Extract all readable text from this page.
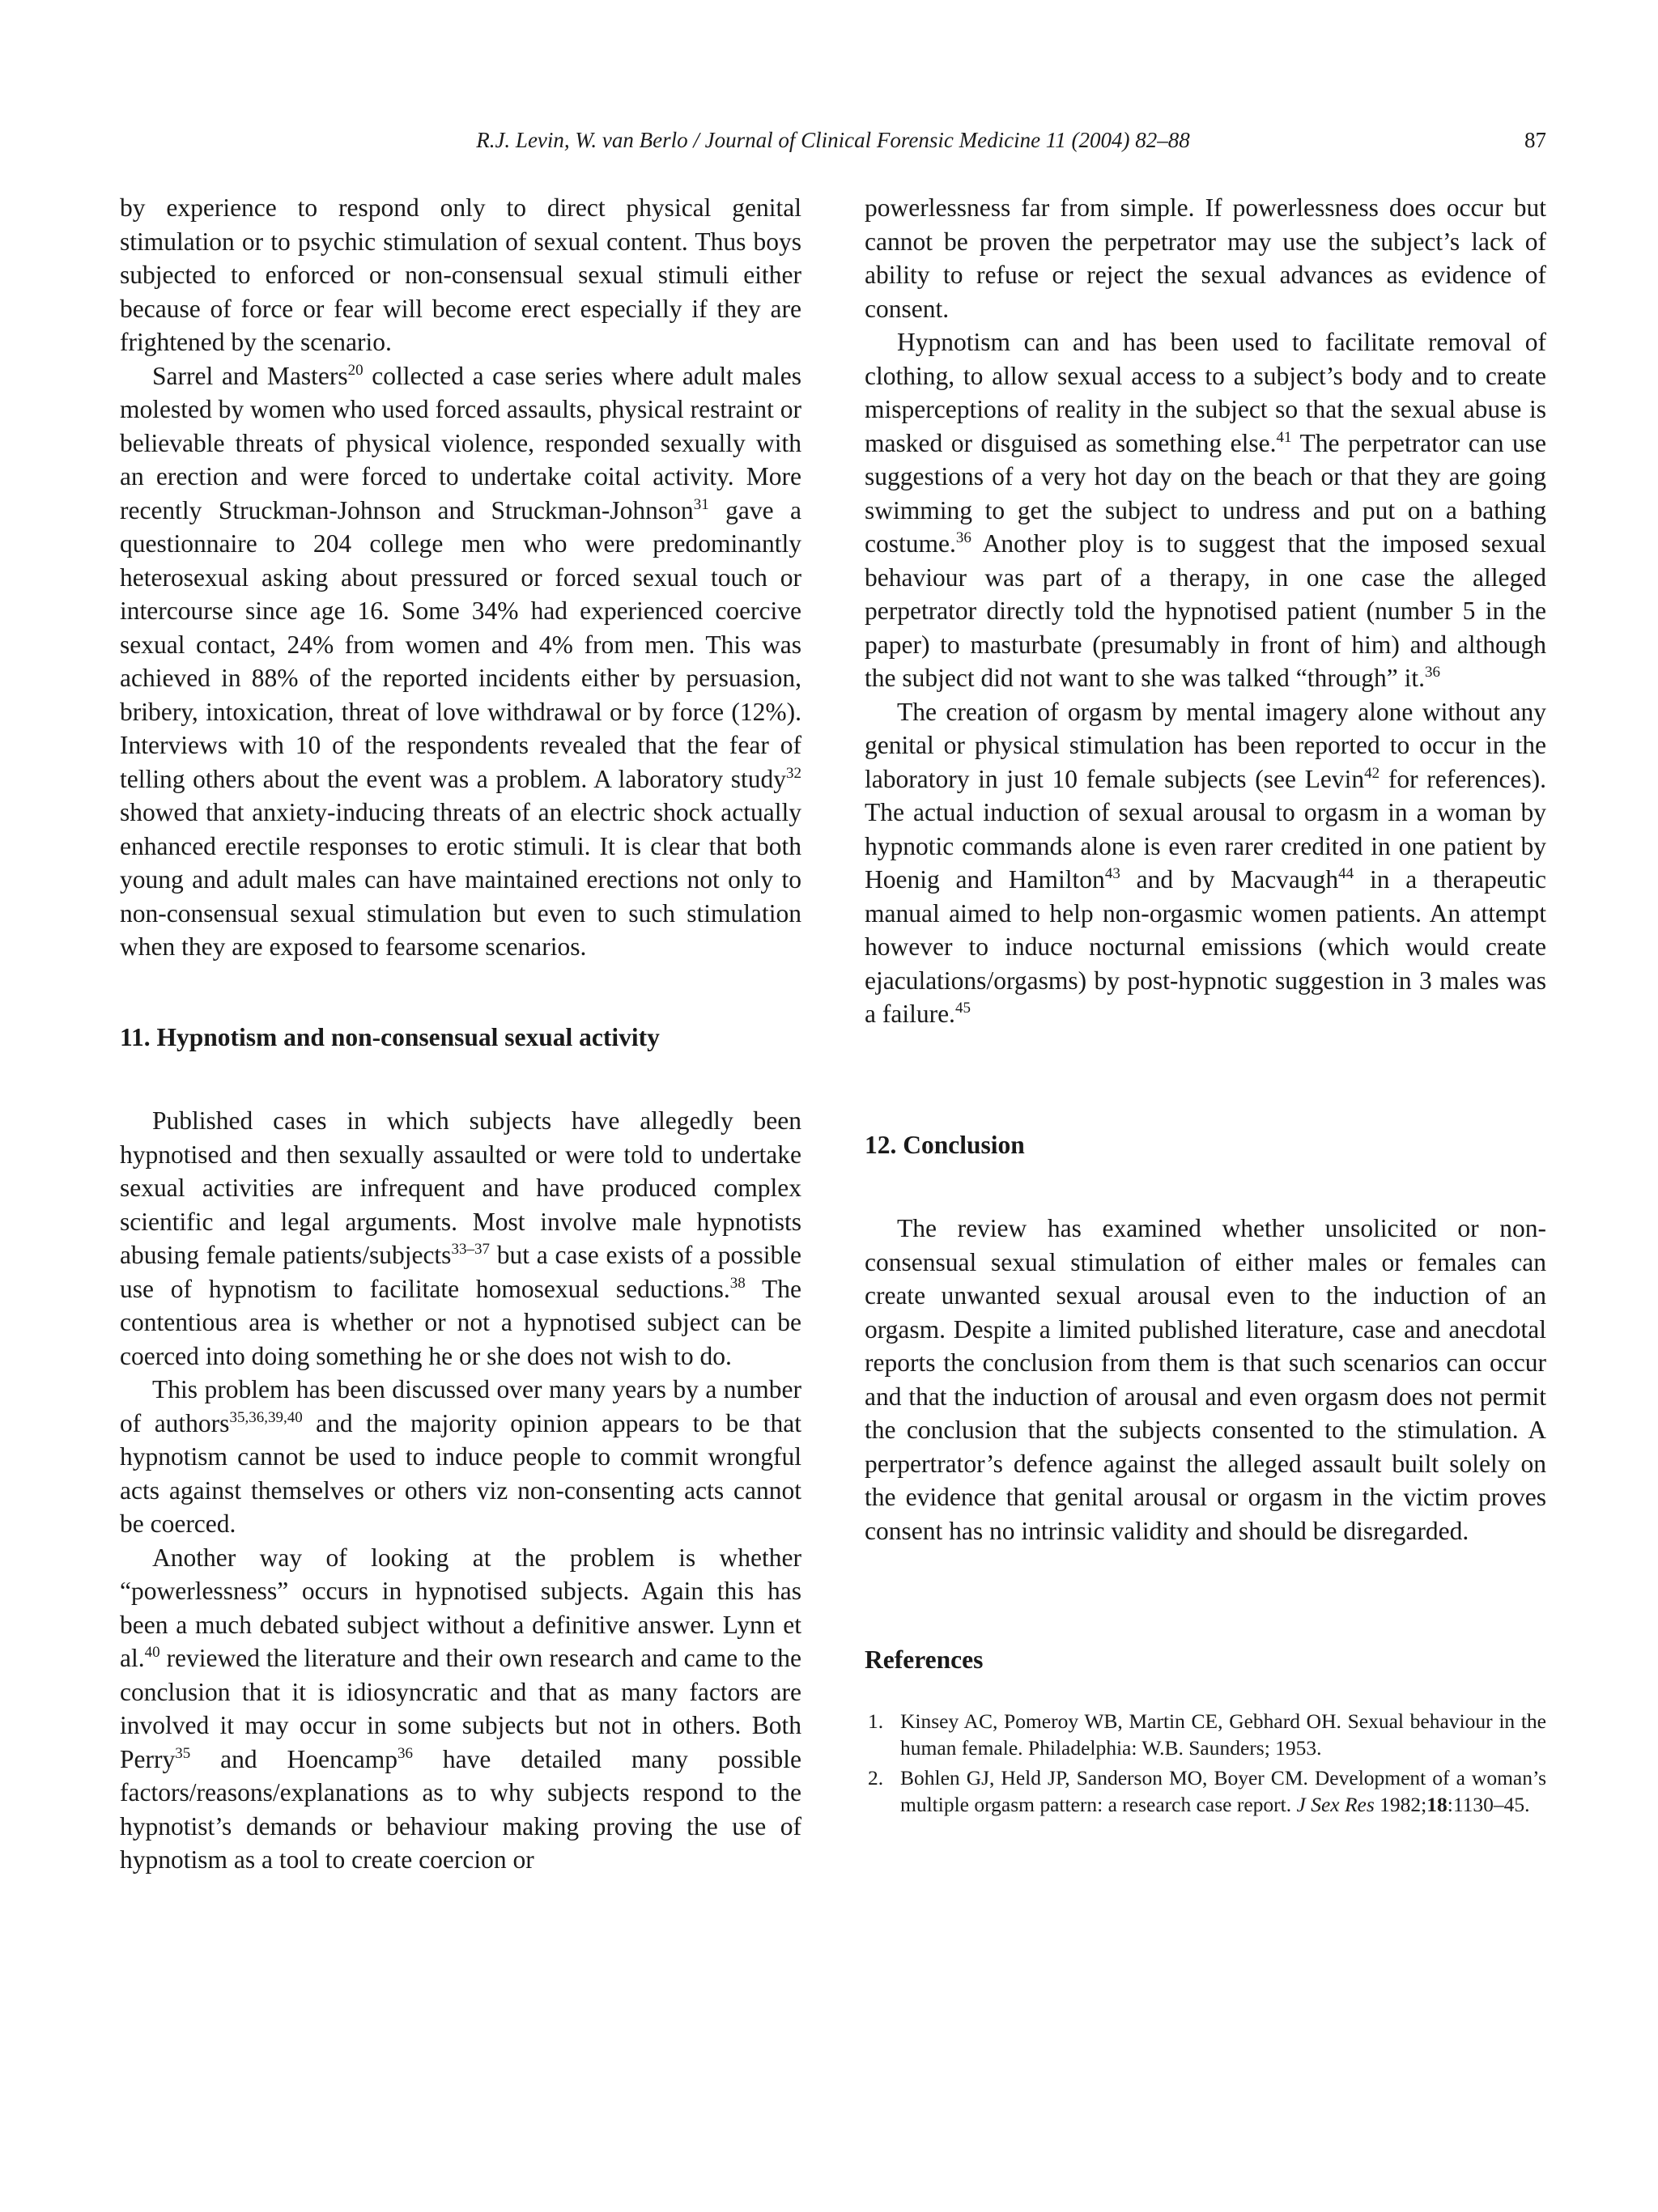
R.J. Levin, W. van Berlo / Journal of Clinical Forensic Medicine 11 (2004) 82–88	87

by experience to respond only to direct physical genital stimulation or to psychic stimulation of sexual content. Thus boys subjected to enforced or non-consensual sexual stimuli either because of force or fear will become erect especially if they are frightened by the scenario.

Sarrel and Masters$^{20}$ collected a case series where adult males molested by women who used forced assaults, physical restraint or believable threats of physical violence, responded sexually with an erection and were forced to undertake coital activity. More recently Struckman-Johnson and Struckman-Johnson$^{31}$ gave a questionnaire to 204 college men who were predominantly heterosexual asking about pressured or forced sexual touch or intercourse since age 16. Some 34% had experienced coercive sexual contact, 24% from women and 4% from men. This was achieved in 88% of the reported incidents either by persuasion, bribery, intoxication, threat of love withdrawal or by force (12%). Interviews with 10 of the respondents revealed that the fear of telling others about the event was a problem. A laboratory study$^{32}$ showed that anxiety-inducing threats of an electric shock actually enhanced erectile responses to erotic stimuli. It is clear that both young and adult males can have maintained erections not only to non-consensual sexual stimulation but even to such stimulation when they are exposed to fearsome scenarios.

11. Hypnotism and non-consensual sexual activity

Published cases in which subjects have allegedly been hypnotised and then sexually assaulted or were told to undertake sexual activities are infrequent and have produced complex scientific and legal arguments. Most involve male hypnotists abusing female patients/subjects$^{33-37}$ but a case exists of a possible use of hypnotism to facilitate homosexual seductions.$^{38}$ The contentious area is whether or not a hypnotised subject can be coerced into doing something he or she does not wish to do.

This problem has been discussed over many years by a number of authors$^{35,36,39,40}$ and the majority opinion appears to be that hypnotism cannot be used to induce people to commit wrongful acts against themselves or others viz non-consenting acts cannot be coerced.

Another way of looking at the problem is whether “powerlessness” occurs in hypnotised subjects. Again this has been a much debated subject without a definitive answer. Lynn et al.$^{40}$ reviewed the literature and their own research and came to the conclusion that it is idiosyncratic and that as many factors are involved it may occur in some subjects but not in others. Both Perry$^{35}$ and Hoencamp$^{36}$ have detailed many possible factors/reasons/explanations as to why subjects respond to the hypnotist’s demands or behaviour making proving the use of hypnotism as a tool to create coercion or

powerlessness far from simple. If powerlessness does occur but cannot be proven the perpetrator may use the subject’s lack of ability to refuse or reject the sexual advances as evidence of consent.

Hypnotism can and has been used to facilitate removal of clothing, to allow sexual access to a subject’s body and to create misperceptions of reality in the subject so that the sexual abuse is masked or disguised as something else.$^{41}$ The perpetrator can use suggestions of a very hot day on the beach or that they are going swimming to get the subject to undress and put on a bathing costume.$^{36}$ Another ploy is to suggest that the imposed sexual behaviour was part of a therapy, in one case the alleged perpetrator directly told the hypnotised patient (number 5 in the paper) to masturbate (presumably in front of him) and although the subject did not want to she was talked “through” it.$^{36}$

The creation of orgasm by mental imagery alone without any genital or physical stimulation has been reported to occur in the laboratory in just 10 female subjects (see Levin$^{42}$ for references). The actual induction of sexual arousal to orgasm in a woman by hypnotic commands alone is even rarer credited in one patient by Hoenig and Hamilton$^{43}$ and by Macvaugh$^{44}$ in a therapeutic manual aimed to help non-orgasmic women patients. An attempt however to induce nocturnal emissions (which would create ejaculations/orgasms) by post-hypnotic suggestion in 3 males was a failure.$^{45}$

12. Conclusion

The review has examined whether unsolicited or non-consensual sexual stimulation of either males or females can create unwanted sexual arousal even to the induction of an orgasm. Despite a limited published literature, case and anecdotal reports the conclusion from them is that such scenarios can occur and that the induction of arousal and even orgasm does not permit the conclusion that the subjects consented to the stimulation. A perpertrator’s defence against the alleged assault built solely on the evidence that genital arousal or orgasm in the victim proves consent has no intrinsic validity and should be disregarded.

References
1. Kinsey AC, Pomeroy WB, Martin CE, Gebhard OH. Sexual behaviour in the human female. Philadelphia: W.B. Saunders; 1953.
2. Bohlen GJ, Held JP, Sanderson MO, Boyer CM. Development of a woman’s multiple orgasm pattern: a research case report. J Sex Res 1982;18:1130–45.
